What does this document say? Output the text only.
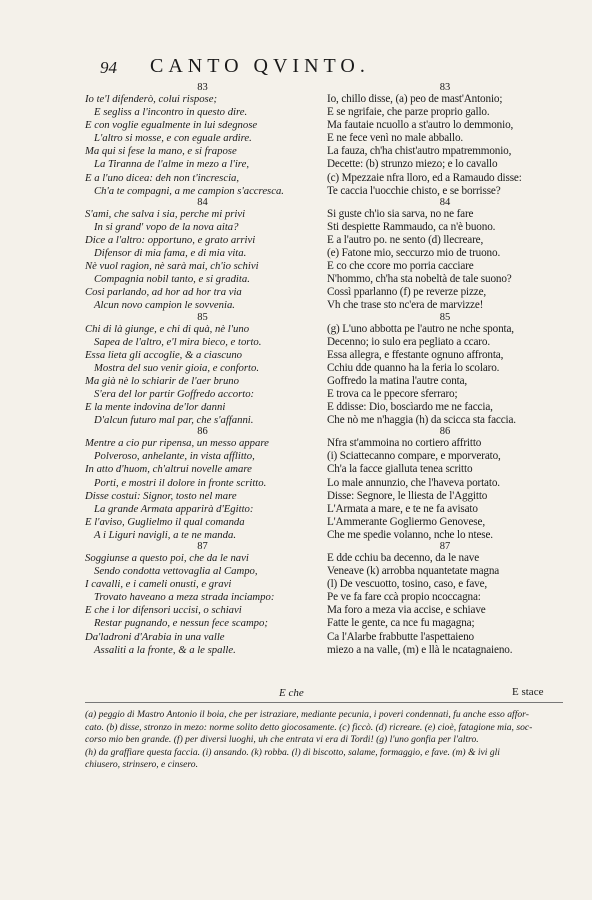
94 CANTO QVINTO.
83
Io te'l difenderò, colui rispose;
E segliss a l'incontro in questo dire.
E con voglie egualmente in lui sdegnose
L'altro si mosse, e con eguale ardire.
Ma qui si fese la mano, e si frapose
La Tiranna de l'alme in mezo a l'ire,
E a l'uno dicea: deh non t'increscia,
Ch'a te compagni, a me campion s'accresca.
84
S'ami, che salva i sia, perche mi privi
In si grand' vopo de la nova aita?
Dice a l'altro: opportuno, e grato arrivi
Difensor di mia fama, e di mia vita.
Nè vuol ragion, nè sarà mai, ch'io schivi
Compagnia nobil tanto, e si gradita.
Cosi parlando, ad hor ad hor tra via
Alcun novo campion le sovvenia.
85
Chi di là giunge, e chi di quà, nè l'uno
Sapea de l'altro, e'l mira bieco, e torto.
Essa lieta gli accoglie, & a ciascuno
Mostra del suo venir gioia, e conforto.
Ma già nè lo schiarir de l'aer bruno
S'era del lor partir Goffredo accorto:
E la mente indovina de'lor danni
D'alcun futuro mal par, che s'affanni.
86
Mentre a cio pur ripensa, un messo appare
Polveroso, anhelante, in vista afflitto,
In atto d'huom, ch'altrui novelle amare
Porti, e mostri il dolore in fronte scritto.
Disse costui: Signor, tosto nel mare
La grande Armata apparirà d'Egitto:
E l'aviso, Guglielmo il qual comanda
A i Liguri navigli, a te ne manda.
87
Soggiunse a questo poi, che da le navi
Sendo condotta vettovaglia al Campo,
I cavalli, e i cameli onusti, e gravi
Trovato haveano a meza strada inciampo:
E che i lor difensori uccisi, o schiavi
Restar pugnando, e nessun fece scampo;
Da'ladroni d'Arabia in una valle
Assaliti a la fronte, & a le spalle.
83
Io, chillo disse, (a) peo de mast'Antonio;
E se ngrifaie, che parze proprio gallo.
Ma fautaie ncuollo a st'autro lo demmonio,
E ne fece venì no male abballo.
La fauza, ch'ha chist'autro mpatremmonio,
Decette: (b) strunzo miezo; e lo cavallo
(c) Mpezzaie nfra lloro, ed a Ramaudo disse:
Te caccia l'uocchie chisto, e se borrisse?
84
Si guste ch'io sia sarva, no ne fare
Sti despiette Rammaudo, ca n'è buono.
E a l'autro po. ne sento (d) llecreare,
(e) Fatone mio, seccurzo mio de truono.
E co che ccore mo porria cacciare
N'hommo, ch'ha sta nobeltà de tale suono?
Cossì pparlanno (f) pe reverze pizze,
Vh che trase sto nc'era de marvizze!
85
(g) L'uno abbotta pe l'autro ne nche sponta,
Decenno; io sulo era pegliato a ccaro.
Essa allegra, e ffestante ognuno affronta,
Cchiu dde quanno ha la feria lo scolaro.
Goffredo la matina l'autre conta,
E trova ca le ppecore sferraro;
E ddisse: Dio, boscìardo me ne faccia,
Che nò me n'haggia (h) da scicca sta faccia.
86
Nfra st'ammoina no cortiero affritto
(i) Sciattecanno compare, e mporverato,
Ch'a la facce gialluta tenea scritto
Lo male annunzio, che l'haveva portato.
Disse: Segnore, le lliesta de l'Aggitto
L'Armata a mare, e te ne fa avisato
L'Ammerante Gogliermo Genovese,
Che me spedie volanno, nche lo ntese.
87
E dde cchiu ba decenno, da le nave
Veneave (k) arrobba nquantetate magna
(l) De vescuotto, tosino, caso, e fave,
Pe ve fa fare ccà propio ncoccagna:
Ma foro a meza via accise, e schiave
Fatte le gente, ca nce fu magagna;
Ca l'Alarbe frabbutte l'aspettaieno
miezo a na valle, (m) e llà le ncatagnaieno.
E che	E stace
(a) peggio di Mastro Antonio il boia, che per istraziare, mediante pecunia, i poveri condennati, fu anche esso affor-
cato. (b) disse, stronzo in mezo: norme solito detto giocosamente. (c) ficcò. (d) ricreare. (e) cioè, fatagione mia, soc-
corso mio ben grande. (f) per diversi luoghi, uh che entrata vi era di Tordi! (g) l'uno gonfia per l'altro.
(h) da graffiare questa faccia. (i) ansando. (k) robba. (l) di biscotto, salame, formaggio, e fave. (m) & ivi gli
chiusero, strinsero, e cinsero.
